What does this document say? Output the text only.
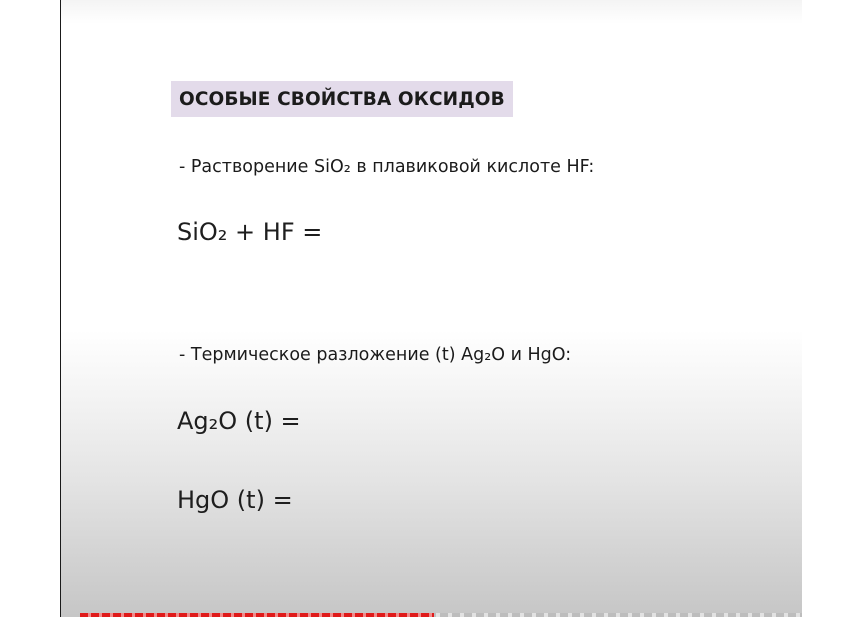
ОСОБЫЕ СВОЙСТВА ОКСИДОВ
- Растворение SiO₂ в плавиковой кислоте HF:
SiO₂ + HF =
- Термическое разложение (t) Ag₂O и HgO:
Ag₂O (t) =
HgO (t) =
